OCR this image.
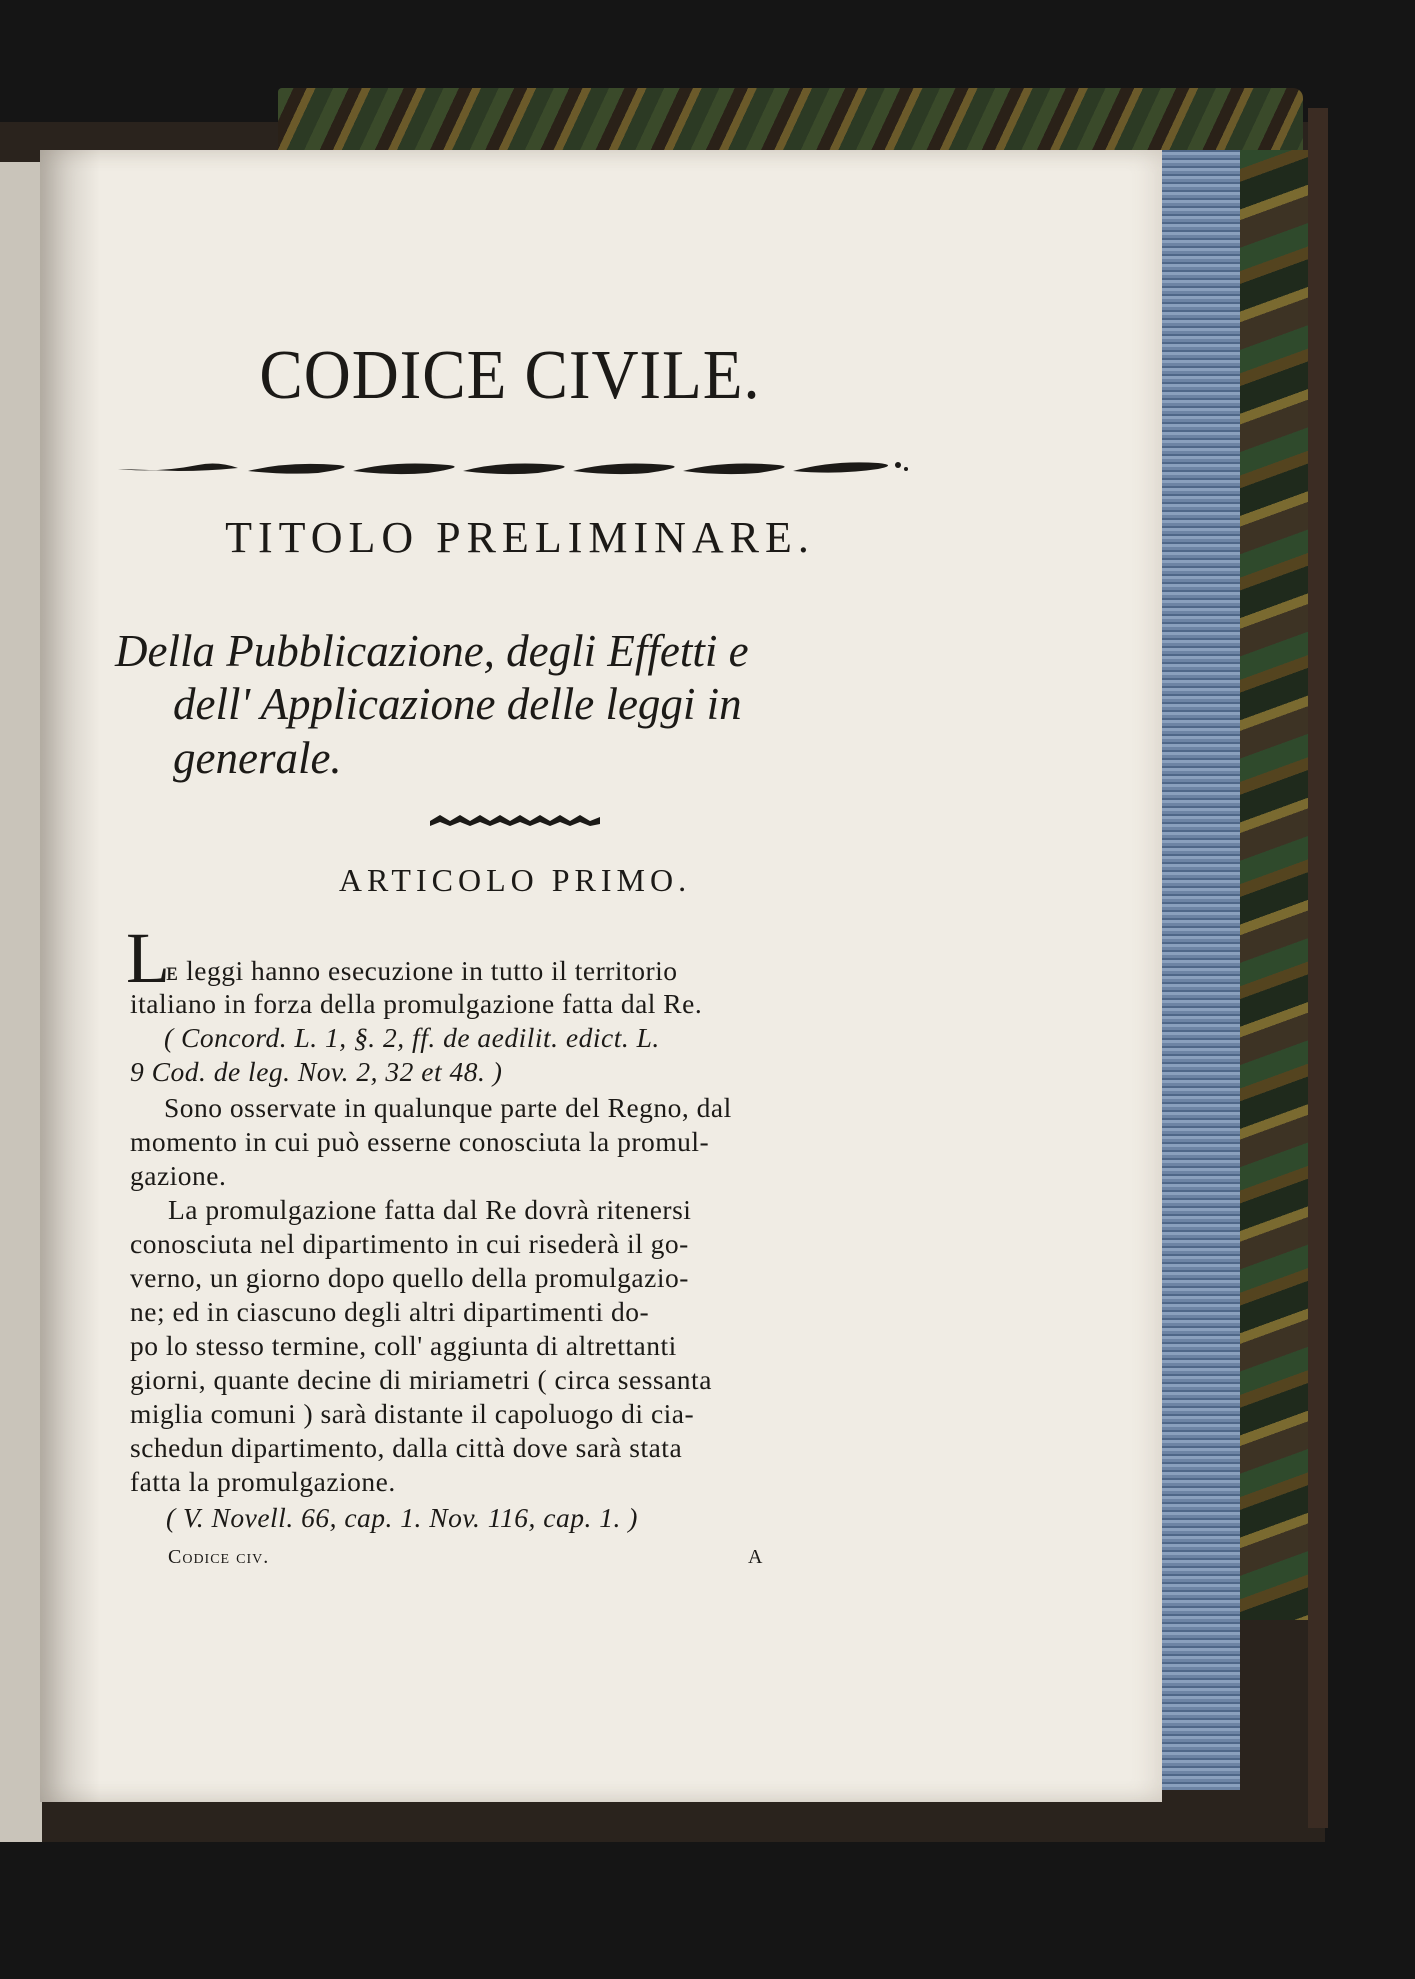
CODICE CIVILE.
TITOLO PRELIMINARE.
Della Pubblicazione, degli Effetti e
dell' Applicazione delle leggi in
generale.
ARTICOLO PRIMO.
L
ᴇ leggi hanno esecuzione in tutto il territorio
italiano in forza della promulgazione fatta dal Re.
( Concord. L. 1, §. 2, ff. de aedilit. edict. L.
9 Cod. de leg. Nov. 2, 32 et 48. )
Sono osservate in qualunque parte del Regno, dal
momento in cui può esserne conosciuta la promul-
gazione.
La promulgazione fatta dal Re dovrà ritenersi
conosciuta nel dipartimento in cui risederà il go-
verno, un giorno dopo quello della promulgazio-
ne; ed in ciascuno degli altri dipartimenti do-
po lo stesso termine, coll' aggiunta di altrettanti
giorni, quante decine di miriametri ( circa sessanta
miglia comuni ) sarà distante il capoluogo di cia-
schedun dipartimento, dalla città dove sarà stata
fatta la promulgazione.
( V. Novell. 66, cap. 1. Nov. 116, cap. 1. )
Codice civ.	A
